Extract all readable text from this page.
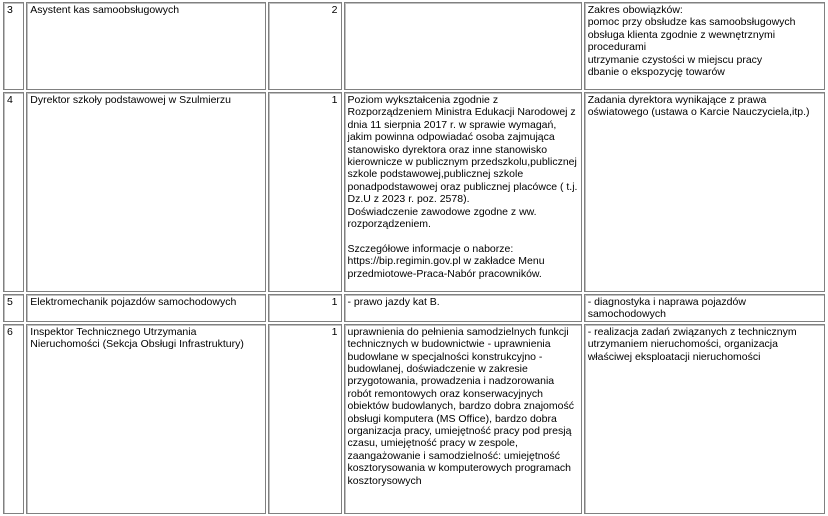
3	Asystent kas samoobsługowych	2		Zakres obowiązków:
pomoc przy obsłudze kas samoobsługowych
obsługa klienta zgodnie z wewnętrznymi procedurami
utrzymanie czystości w miejscu pracy
dbanie o ekspozycję towarów

4	Dyrektor szkoły podstawowej w Szulmierzu	1	Poziom wykształcenia zgodnie z Rozporządzeniem Ministra Edukacji Narodowej z dnia 11 sierpnia 2017 r. w sprawie wymagań, jakim powinna odpowiadać osoba zajmująca stanowisko dyrektora oraz inne stanowisko kierownicze w publicznym przedszkolu,publicznej szkole podstawowej,publicznej szkole ponadpodstawowej oraz publicznej placówce ( t.j. Dz.U z 2023 r. poz. 2578).
Doświadczenie zawodowe zgodne z ww. rozporządzeniem.
Szczegółowe informacje o naborze: https://bip.regimin.gov.pl w zakładce Menu przedmiotowe-Praca-Nabór pracowników.	Zadania dyrektora wynikające z prawa oświatowego (ustawa o Karcie Nauczyciela,itp.)

5	Elektromechanik pojazdów samochodowych	1	- prawo jazdy kat B.	- diagnostyka i naprawa pojazdów samochodowych

6	Inspektor Technicznego Utrzymania Nieruchomości (Sekcja Obsługi Infrastruktury)	1	uprawnienia do pełnienia samodzielnych funkcji technicznych w budownictwie - uprawnienia budowlane w specjalności konstrukcyjno - budowlanej, doświadczenie w zakresie przygotowania, prowadzenia i nadzorowania robót remontowych oraz konserwacyjnych obiektów budowlanych, bardzo dobra znajomość obsługi komputera (MS Office), bardzo dobra organizacja pracy, umiejętność pracy pod presją czasu, umiejętność pracy w zespole, zaangażowanie i samodzielność: umiejętność kosztorysowania w komputerowych programach kosztorysowych	- realizacja zadań związanych z technicznym utrzymaniem nieruchomości, organizacja właściwej eksploatacji nieruchomości
